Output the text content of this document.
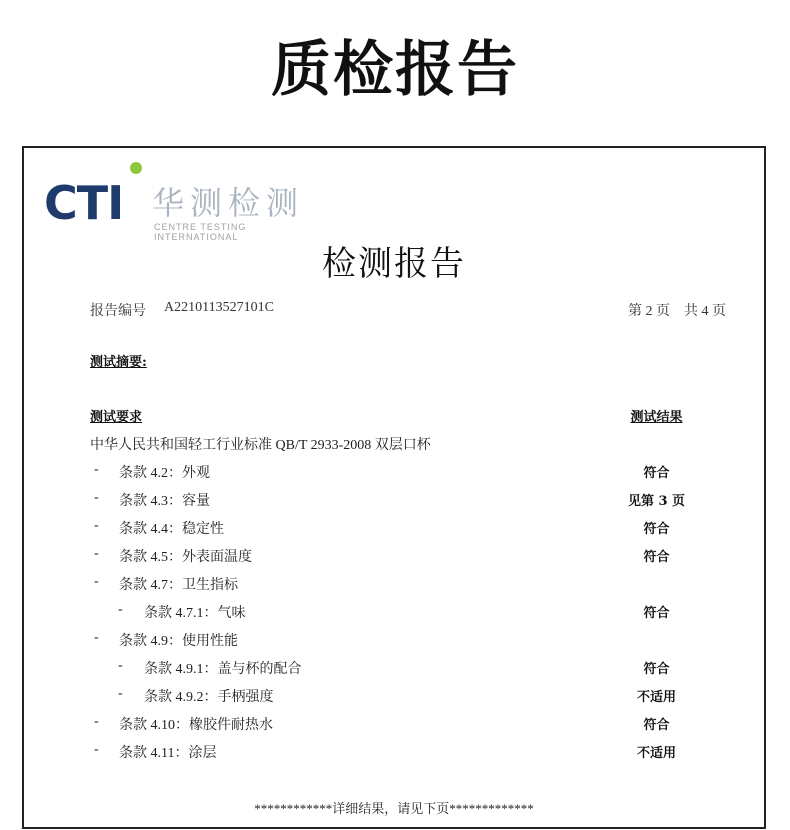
质检报告
CTI 华测检测
CENTRE TESTING INTERNATIONAL
检测报告
报告编号 A2210113527101C	第 2 页　共 4 页
测试摘要:
测试要求	测试结果
中华人民共和国轻工行业标准 QB/T 2933-2008 双层口杯
- 条款 4.2：外观	符合
- 条款 4.3：容量	见第 3 页
- 条款 4.4：稳定性	符合
- 条款 4.5：外表面温度	符合
- 条款 4.7：卫生指标
- 条款 4.7.1：气味	符合
- 条款 4.9：使用性能
- 条款 4.9.1：盖与杯的配合	符合
- 条款 4.9.2：手柄强度	不适用
- 条款 4.10：橡胶件耐热水	符合
- 条款 4.11：涂层	不适用
************详细结果，请见下页*************
